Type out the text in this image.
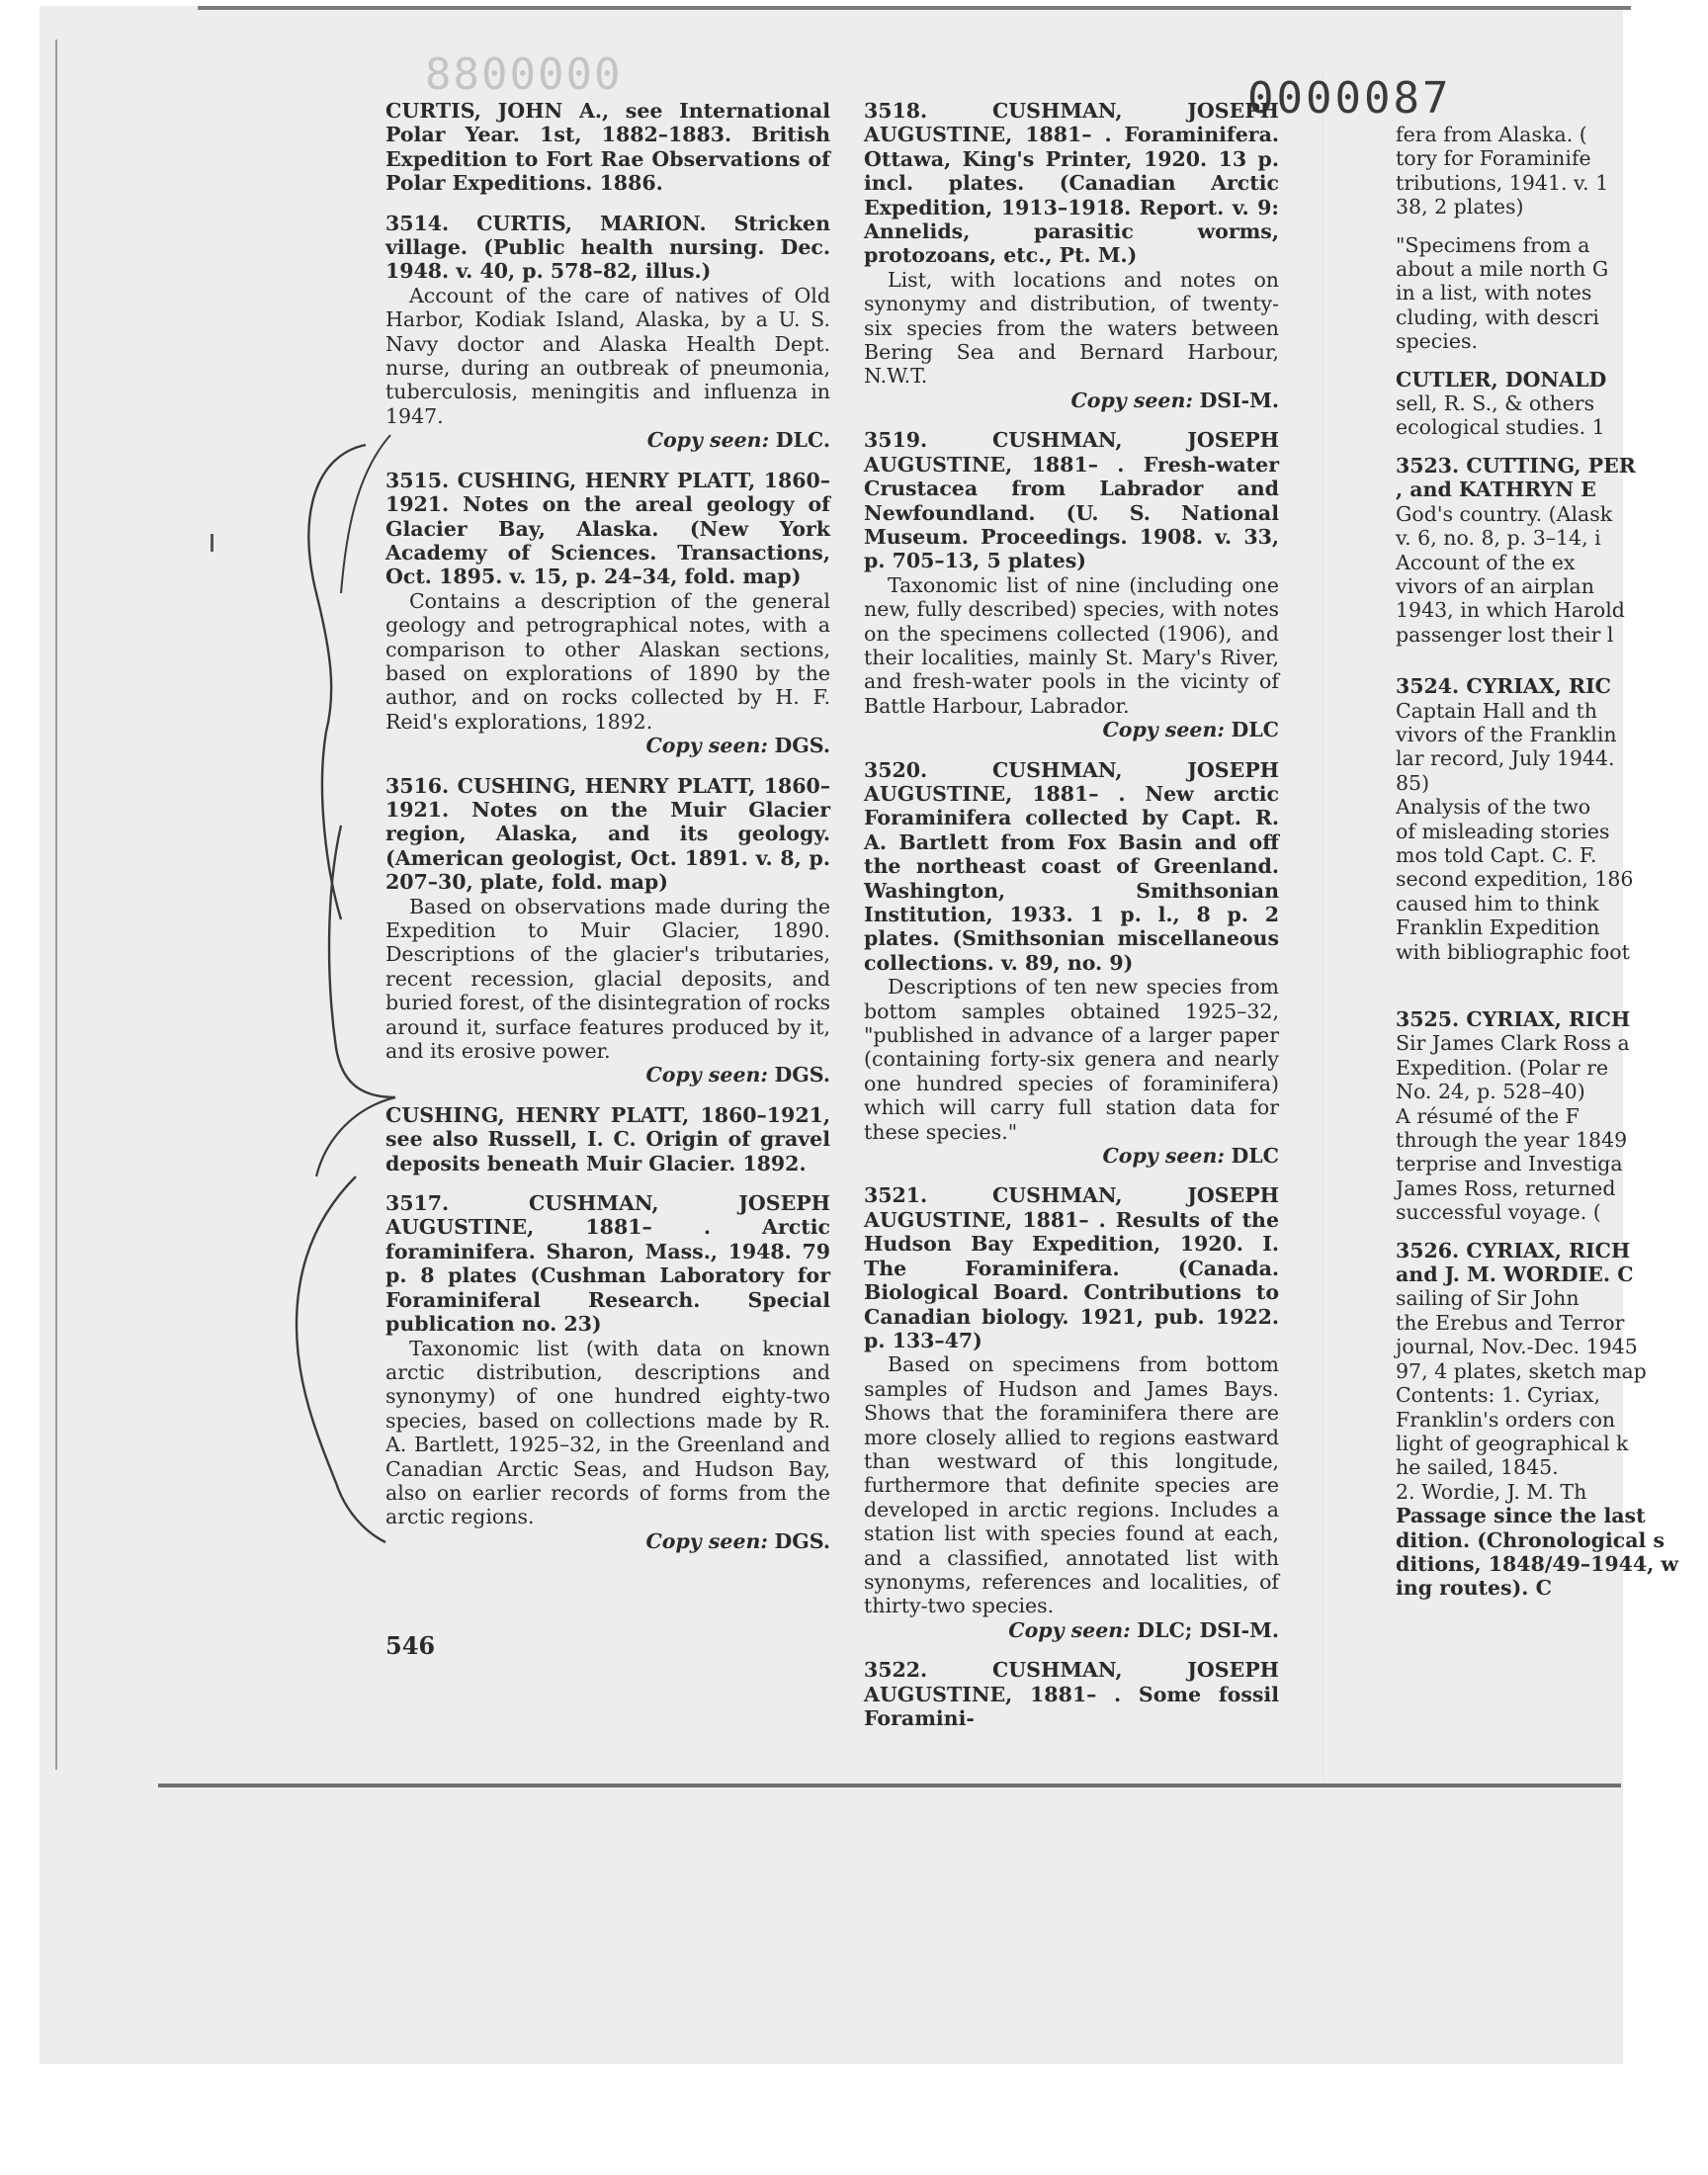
8800000	0000087
CURTIS, JOHN A., see International Polar Year. 1st, 1882–1883. British Expedition to Fort Rae Observations of Polar Expeditions. 1886.
3514. CURTIS, MARION. Stricken village. (Public health nursing. Dec. 1948. v. 40, p. 578–82, illus.)
Account of the care of natives of Old Harbor, Kodiak Island, Alaska, by a U. S. Navy doctor and Alaska Health Dept. nurse, during an outbreak of pneumonia, tuberculosis, meningitis and influenza in 1947.
Copy seen: DLC.
3515. CUSHING, HENRY PLATT, 1860–1921. Notes on the areal geology of Glacier Bay, Alaska. (New York Academy of Sciences. Transactions, Oct. 1895. v. 15, p. 24–34, fold. map)
Contains a description of the general geology and petrographical notes, with a comparison to other Alaskan sections, based on explorations of 1890 by the author, and on rocks collected by H. F. Reid's explorations, 1892.
Copy seen: DGS.
3516. CUSHING, HENRY PLATT, 1860–1921. Notes on the Muir Glacier region, Alaska, and its geology. (American geologist, Oct. 1891. v. 8, p. 207–30, plate, fold. map)
Based on observations made during the Expedition to Muir Glacier, 1890. Descriptions of the glacier's tributaries, recent recession, glacial deposits, and buried forest, of the disintegration of rocks around it, surface features produced by it, and its erosive power.
Copy seen: DGS.
CUSHING, HENRY PLATT, 1860–1921, see also Russell, I. C. Origin of gravel deposits beneath Muir Glacier. 1892.
3517. CUSHMAN, JOSEPH AUGUSTINE, 1881– . Arctic foraminifera. Sharon, Mass., 1948. 79 p. 8 plates (Cushman Laboratory for Foraminiferal Research. Special publication no. 23)
Taxonomic list (with data on known arctic distribution, descriptions and synonymy) of one hundred eighty-two species, based on collections made by R. A. Bartlett, 1925–32, in the Greenland and Canadian Arctic Seas, and Hudson Bay, also on earlier records of forms from the arctic regions.
Copy seen: DGS.
3518. CUSHMAN, JOSEPH AUGUSTINE, 1881– . Foraminifera. Ottawa, King's Printer, 1920. 13 p. incl. plates. (Canadian Arctic Expedition, 1913–1918. Report. v. 9: Annelids, parasitic worms, protozoans, etc., Pt. M.)
List, with locations and notes on synonymy and distribution, of twenty-six species from the waters between Bering Sea and Bernard Harbour, N.W.T.
Copy seen: DSI-M.
3519. CUSHMAN, JOSEPH AUGUSTINE, 1881– . Fresh-water Crustacea from Labrador and Newfoundland. (U. S. National Museum. Proceedings. 1908. v. 33, p. 705–13, 5 plates)
Taxonomic list of nine (including one new, fully described) species, with notes on the specimens collected (1906), and their localities, mainly St. Mary's River, and fresh-water pools in the vicinty of Battle Harbour, Labrador.
Copy seen: DLC
3520. CUSHMAN, JOSEPH AUGUSTINE, 1881– . New arctic Foraminifera collected by Capt. R. A. Bartlett from Fox Basin and off the northeast coast of Greenland. Washington, Smithsonian Institution, 1933. 1 p. l., 8 p. 2 plates. (Smithsonian miscellaneous collections. v. 89, no. 9)
Descriptions of ten new species from bottom samples obtained 1925–32, "published in advance of a larger paper (containing forty-six genera and nearly one hundred species of foraminifera) which will carry full station data for these species."
Copy seen: DLC
3521. CUSHMAN, JOSEPH AUGUSTINE, 1881– . Results of the Hudson Bay Expedition, 1920. I. The Foraminifera. (Canada. Biological Board. Contributions to Canadian biology. 1921, pub. 1922. p. 133–47)
Based on specimens from bottom samples of Hudson and James Bays. Shows that the foraminifera there are more closely allied to regions eastward than westward of this longitude, furthermore that definite species are developed in arctic regions. Includes a station list with species found at each, and a classified, annotated list with synonyms, references and localities, of thirty-two species.
Copy seen: DLC; DSI-M.
3522. CUSHMAN, JOSEPH AUGUSTINE, 1881– . Some fossil Foramini-
fera from Alaska. (
tory for Foraminife
tributions, 1941. v. 1
38, 2 plates)
"Specimens from a
about a mile north G
in a list, with notes
cluding, with descri
species.
CUTLER, DONALD
sell, R. S., & others
ecological studies. 1
3523. CUTTING, PER
, and KATHRYN E
God's country. (Alask
v. 6, no. 8, p. 3–14, i
Account of the ex
vivors of an airplan
1943, in which Harold
passenger lost their l
3524. CYRIAX, RIC
Captain Hall and th
vivors of the Franklin
lar record, July 1944.
85)
Analysis of the two
of misleading stories
mos told Capt. C. F.
second expedition, 186
caused him to think
Franklin Expedition
with bibliographic foot
3525. CYRIAX, RICH
Sir James Clark Ross a
Expedition. (Polar re
No. 24, p. 528–40)
A résumé of the F
through the year 1849
terprise and Investiga
James Ross, returned
successful voyage. (
3526. CYRIAX, RICH
and J. M. WORDIE. C
sailing of Sir John
the Erebus and Terror
journal, Nov.-Dec. 1945
97, 4 plates, sketch map
Contents: 1. Cyriax,
Franklin's orders con
light of geographical k
he sailed, 1845.
2. Wordie, J. M. Th
Passage since the last
dition. (Chronological s
ditions, 1848/49–1944, w
ing routes). C
546
